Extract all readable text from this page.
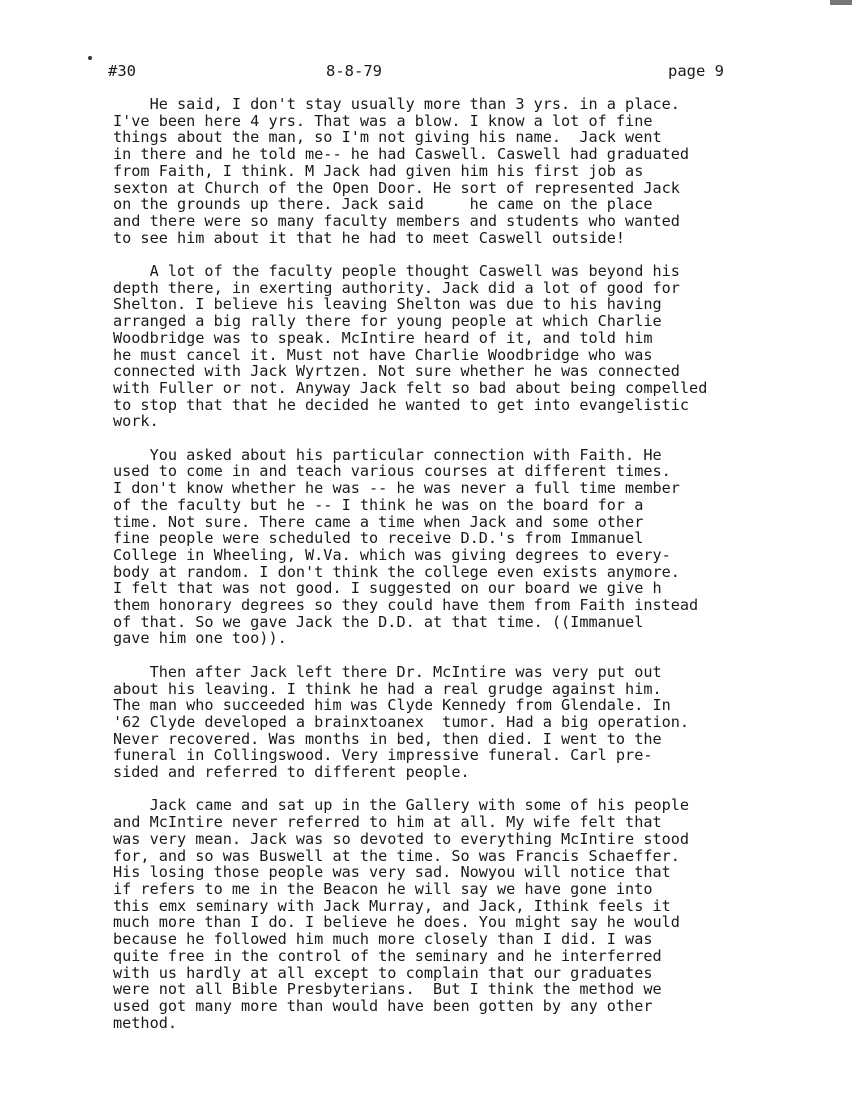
#30	8-8-79	page 9
He said, I don't stay usually more than 3 yrs. in a place.
I've been here 4 yrs. That was a blow. I know a lot of fine
things about the man, so I'm not giving his name.  Jack went
in there and he told me-- he had Caswell. Caswell had graduated
from Faith, I think. M Jack had given him his first job as
sexton at Church of the Open Door. He sort of represented Jack
on the grounds up there. Jack said     he came on the place
and there were so many faculty members and students who wanted
to see him about it that he had to meet Caswell outside!
A lot of the faculty people thought Caswell was beyond his
depth there, in exerting authority. Jack did a lot of good for
Shelton. I believe his leaving Shelton was due to his having
arranged a big rally there for young people at which Charlie
Woodbridge was to speak. McIntire heard of it, and told him
he must cancel it. Must not have Charlie Woodbridge who was
connected with Jack Wyrtzen. Not sure whether he was connected
with Fuller or not. Anyway Jack felt so bad about being compelled
to stop that that he decided he wanted to get into evangelistic
work.
You asked about his particular connection with Faith. He
used to come in and teach various courses at different times.
I don't know whether he was -- he was never a full time member
of the faculty but he -- I think he was on the board for a
time. Not sure. There came a time when Jack and some other
fine people were scheduled to receive D.D.'s from Immanuel
College in Wheeling, W.Va. which was giving degrees to every-
body at random. I don't think the college even exists anymore.
I felt that was not good. I suggested on our board we give h
them honorary degrees so they could have them from Faith instead
of that. So we gave Jack the D.D. at that time. ((Immanuel
gave him one too)).
Then after Jack left there Dr. McIntire was very put out
about his leaving. I think he had a real grudge against him.
The man who succeeded him was Clyde Kennedy from Glendale. In
'62 Clyde developed a brainxtoanex  tumor. Had a big operation.
Never recovered. Was months in bed, then died. I went to the
funeral in Collingswood. Very impressive funeral. Carl pre-
sided and referred to different people.
Jack came and sat up in the Gallery with some of his people
and McIntire never referred to him at all. My wife felt that
was very mean. Jack was so devoted to everything McIntire stood
for, and so was Buswell at the time. So was Francis Schaeffer.
His losing those people was very sad. Nowyou will notice that
if refers to me in the Beacon he will say we have gone into
this emx seminary with Jack Murray, and Jack, Ithink feels it
much more than I do. I believe he does. You might say he would
because he followed him much more closely than I did. I was
quite free in the control of the seminary and he interferred
with us hardly at all except to complain that our graduates
were not all Bible Presbyterians.  But I think the method we
used got many more than would have been gotten by any other
method.
